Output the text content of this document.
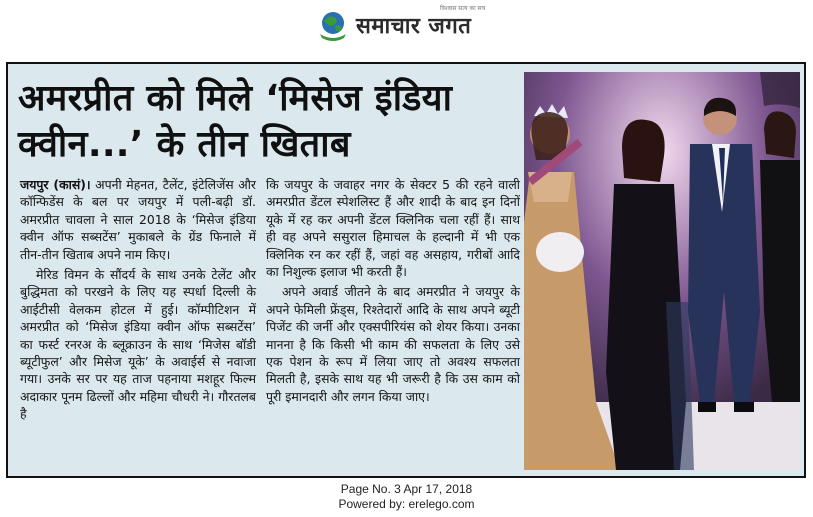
समाचार जगत
विश्वास सत्य का सच
अमरप्रीत को मिले ‘मिसेज इंडिया क्वीन...’ के तीन खिताब

जयपुर (कासं)। अपनी मेहनत, टैलेंट, इंटेलिजेंस और कॉन्फिडेंस के बल पर जयपुर में पली-बढ़ी डॉ. अमरप्रीत चावला ने साल 2018 के ‘मिसेज इंडिया क्वीन ऑफ सब्सटेंस’ मुकाबले के ग्रेंड फिनाले में तीन-तीन खिताब अपने नाम किए।

मेरिड विमन के सौंदर्य के साथ उनके टेलेंट और बुद्धिमता को परखने के लिए यह स्पर्धा दिल्ली के आईटीसी वेलकम होटल में हुई। कॉम्पीटिशन में अमरप्रीत को ‘मिसेज इंडिया क्वीन ऑफ सब्सटेंस’ का फर्स्ट रनरअ के ब्लूक्राउन के साथ ‘मिजेस बॉडी ब्यूटीफुल’ और मिसेज यूके’ के अवाईर्स से नवाजा गया। उनके सर पर यह ताज पहनाया मशहूर फिल्म अदाकार पूनम ढिल्लों और महिमा चौधरी ने। गौरतलब है

कि जयपुर के जवाहर नगर के सेक्टर 5 की रहने वाली अमरप्रीत डेंटल स्पेशलिस्ट हैं और शादी के बाद इन दिनों यूके में रह कर अपनी डेंटल क्लिनिक चला रहीं हैं। साथ ही वह अपने ससुराल हिमाचल के हल्दानी में भी एक क्लिनिक रन कर रहीं हैं, जहां वह असहाय, गरीबों आदि का निशुल्क इलाज भी करती हैं।

अपने अवार्ड जीतने के बाद अमरप्रीत ने जयपुर के अपने फेमिली फ्रेंड्स, रिश्तेदारों आदि के साथ अपने ब्यूटी पिजेंट की जर्नी और एक्सपीरियंस को शेयर किया। उनका मानना है कि किसी भी काम की सफलता के लिए उसे एक पेशन के रूप में लिया जाए तो अवश्य सफलता मिलती है, इसके साथ यह भी जरूरी है कि उस काम को पूरी इमानदारी और लगन किया जाए।

Page No. 3 Apr 17, 2018
Powered by: erelego.com
